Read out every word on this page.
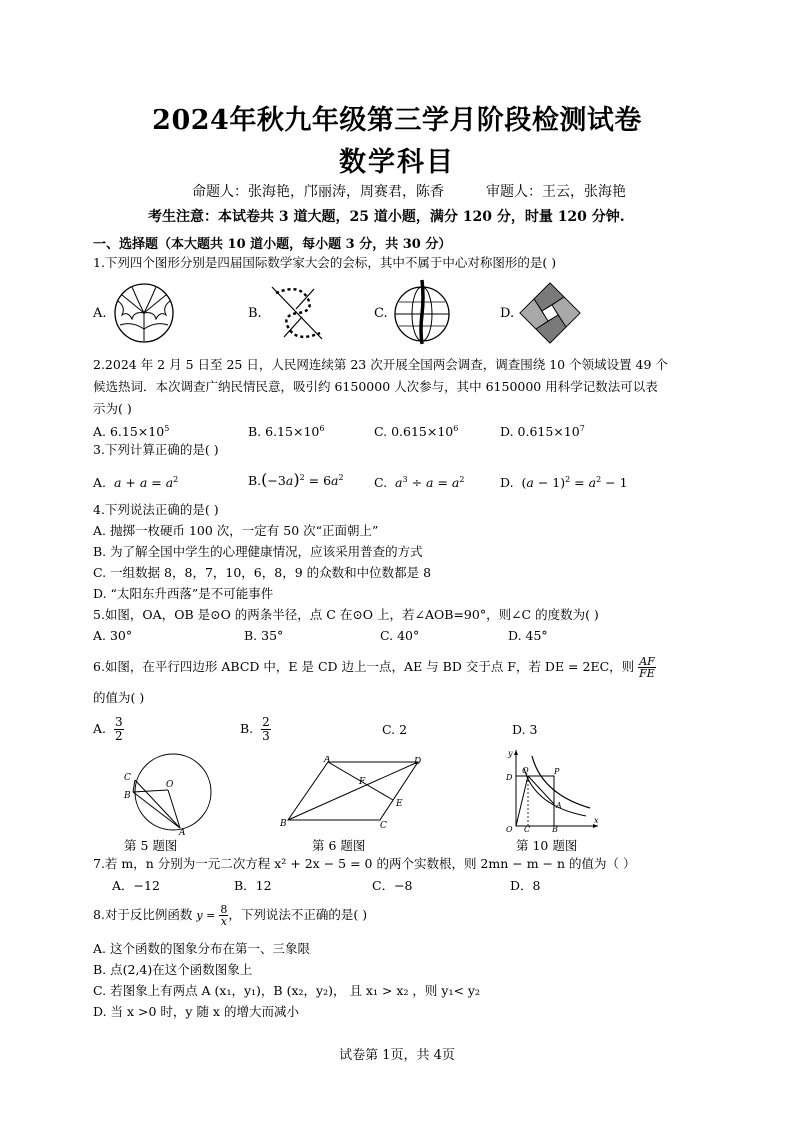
2024年秋九年级第三学月阶段检测试卷
数学科目
命题人：张海艳，邝丽涛，周赛君，陈香	审题人：王云，张海艳
考生注意：本试卷共 3 道大题，25 道小题，满分 120 分，时量 120 分钟.
一、选择题（本大题共 10 道小题，每小题 3 分，共 30 分）
1.下列四个图形分别是四届国际数学家大会的会标，其中不属于中心对称图形的是( )
A.	B.	C.	D.
2.2024 年 2 月 5 日至 25 日，人民网连续第 23 次开展全国两会调查，调查围绕 10 个领域设置 49 个
候选热词．本次调查广纳民情民意，吸引约 6150000 人次参与，其中 6150000 用科学记数法可以表
示为( )
A. $6.15\times 10^5$	B. $6.15\times 10^6$	C. $0.615\times 10^6$	D. $0.615\times 10^7$
3.下列计算正确的是( )
A. $a + a = a^2$	$B.(-3a)^2 = 6a^2$ C. $a^3 \div a = a^2$	D.  $(a - 1)^2 = a^2 - 1$
4.下列说法正确的是( )
A. 抛掷一枚硬币 100 次，一定有 50 次“正面朝上”
B. 为了解全国中学生的心理健康情况，应该采用普查的方式
C. 一组数据 8，8，7，10，6，8，9 的众数和中位数都是 8
D. “太阳东升西落”是不可能事件
5.如图，OA，OB 是⊙O 的两条半径，点 C 在⊙O 上，若∠AOB=90°，则∠C 的度数为( )
A. 30°	B. 35°	C. 40°	D. 45°
6.如图，在平行四边形 ABCD 中，E 是 CD 边上一点，AE 与 BD 交于点 F，若 DE = 2EC，则 $\frac{AF}{FE}$
的值为( )
A. $\frac{3}{2}$	B. $\frac{2}{3}$	C. 2	D. 3
C
O
B
A
A	D
F
E
B	C
y
D
Q	P
A
O C	B
x
第 5 题图	第 6 题图	第 10 题图
7.若 m，n 分别为一元二次方程 x² + 2x − 5 = 0 的两个实数根，则 2mn − m − n 的值为（ ）
A．−12	B．12	C．−8	D．8
8.对于反比例函数 $y = \frac{8}{x}$ ，下列说法不正确的是( )
A. 这个函数的图象分布在第一、三象限
B. 点(2,4)在这个函数图象上
C. 若图象上有两点 A (x₁，y₁)，B (x₂，y₂)， 且 x₁ > x₂ ，则 y₁< y₂
D. 当 x >0 时，y 随 x 的增大而减小
试卷第 1页，共 4页
